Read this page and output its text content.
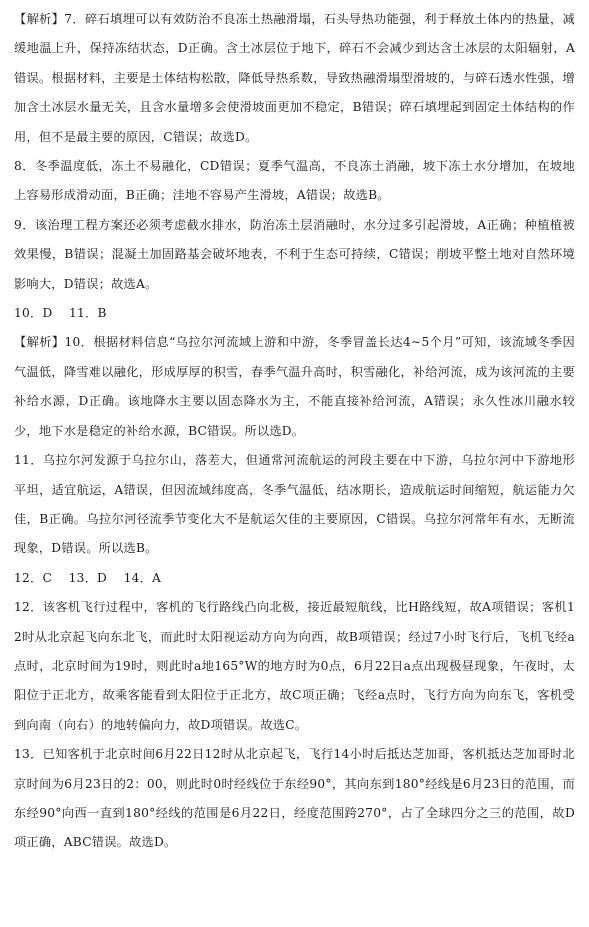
【解析】7．碎石填埋可以有效防治不良冻土热融滑塌，石头导热功能强，利于释放土体内的热量，减缓地温上升，保持冻结状态，D正确。含土冰层位于地下，碎石不会减少到达含土冰层的太阳辐射，A错误。根据材料，主要是土体结构松散，降低导热系数，导致热融滑塌型滑坡的，与碎石透水性强，增加含土冰层水量无关，且含水量增多会使滑坡面更加不稳定，B错误；碎石填埋起到固定土体结构的作用，但不是最主要的原因，C错误；故选D。

8．冬季温度低，冻土不易融化，CD错误；夏季气温高，不良冻土消融，坡下冻土水分增加，在坡地上容易形成滑动面，B正确；洼地不容易产生滑坡，A错误；故选B。

9．该治理工程方案还必须考虑截水排水，防治冻土层消融时，水分过多引起滑坡，A正确；种植植被效果慢，B错误；混凝土加固路基会破坏地表，不利于生态可持续，C错误；削坡平整土地对自然环境影响大，D错误；故选A。

10．D　 11．B

【解析】10．根据材料信息“乌拉尔河流域上游和中游，冬季冒盖长达4∼5个月”可知，该流域冬季因气温低，降雪难以融化，形成厚厚的积雪，春季气温升高时，积雪融化，补给河流，成为该河流的主要补给水源，D正确。该地降水主要以固态降水为主，不能直接补给河流，A错误；永久性冰川融水较少，地下水是稳定的补给水源，BC错误。所以选D。

11．乌拉尔河发源于乌拉尔山，落差大，但通常河流航运的河段主要在中下游，乌拉尔河中下游地形平坦，适宜航运，A错误，但因流域纬度高，冬季气温低，结冰期长，造成航运时间缩短，航运能力欠佳，B正确。乌拉尔河径流季节变化大不是航运欠佳的主要原因，C错误。乌拉尔河常年有水，无断流现象，D错误。所以选B。

12．C　 13．D　 14．A

12．该客机飞行过程中，客机的飞行路线凸向北极，接近最短航线，比H路线短，故A项错误；客机12时从北京起飞向东北飞，而此时太阳视运动方向为向西，故B项错误；经过7小时飞行后，飞机飞经a点时，北京时间为19时，则此时a地165°W的地方时为0点，6月22日a点出现极昼现象，午夜时，太阳位于正北方，故乘客能看到太阳位于正北方，故C项正确；飞经a点时，飞行方向为向东飞，客机受到向南（向右）的地转偏向力，故D项错误。故选C。

13．已知客机于北京时间6月22日12时从北京起飞，飞行14小时后抵达芝加哥，客机抵达芝加哥时北京时间为6月23日的2：00，则此时0时经线位于东经90°，其向东到180°经线是6月23日的范围，而东经90°向西一直到180°经线的范围是6月22日，经度范围跨270°，占了全球四分之三的范围，故D项正确，ABC错误。故选D。
